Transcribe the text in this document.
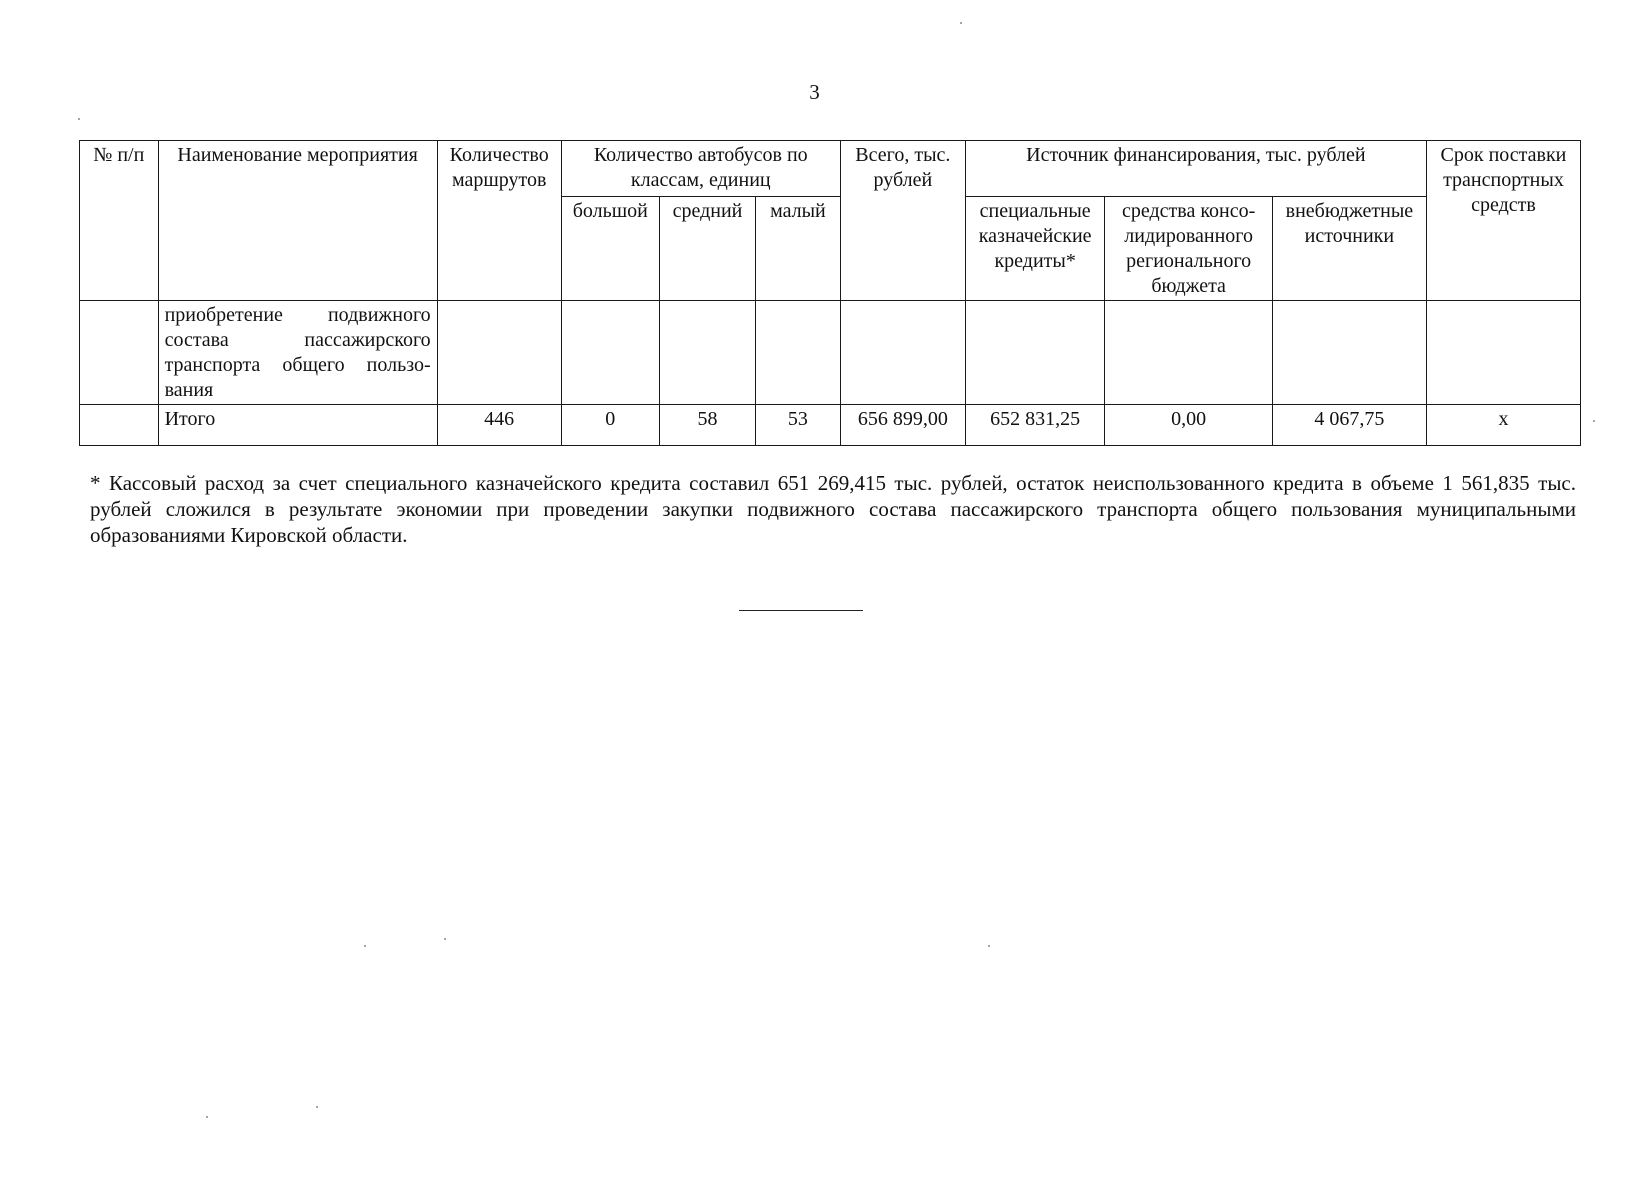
3
№ п/п	Наименование мероприятия	Количество маршрутов	Количество автобусов по классам, единиц			Всего, тыс. рублей	Источник финансирования, тыс. рублей			Срок поставки транспортных средств
			большой	средний	малый		специальные казначейские кредиты*	средства консо-лидированного регионального бюджета	внебюджетные источники	
	приобретение подвижного состава пассажирского транспорта общего пользо-вания									
	Итого	446	0	58	53	656 899,00	652 831,25	0,00	4 067,75	х
* Кассовый расход за счет специального казначейского кредита составил 651 269,415 тыс. рублей, остаток неиспользованного кредита в объеме 1 561,835 тыс. рублей сложился в результате экономии при проведении закупки подвижного состава пассажирского транспорта общего пользования муниципальными образованиями Кировской области.
